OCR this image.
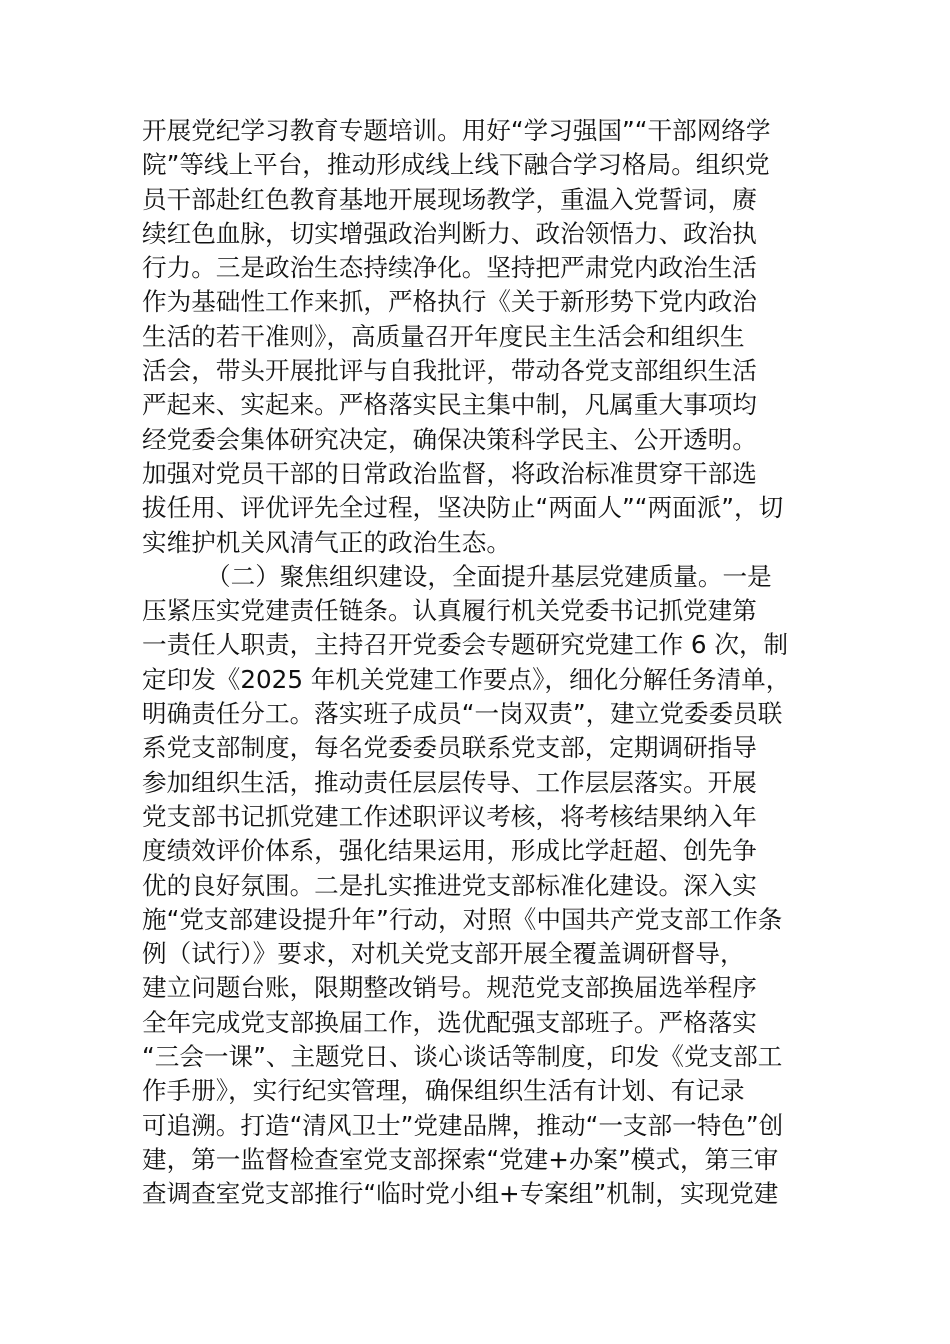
开展党纪学习教育专题培训。用好“学习强国”“干部网络学
院”等线上平台，推动形成线上线下融合学习格局。组织党
员干部赴红色教育基地开展现场教学，重温入党誓词，赓
续红色血脉，切实增强政治判断力、政治领悟力、政治执
行力。三是政治生态持续净化。坚持把严肃党内政治生活
作为基础性工作来抓，严格执行《关于新形势下党内政治
生活的若干准则》，高质量召开年度民主生活会和组织生
活会，带头开展批评与自我批评，带动各党支部组织生活
严起来、实起来。严格落实民主集中制，凡属重大事项均
经党委会集体研究决定，确保决策科学民主、公开透明。
加强对党员干部的日常政治监督，将政治标准贯穿干部选
拔任用、评优评先全过程，坚决防止“两面人”“两面派”，切
实维护机关风清气正的政治生态。
（二）聚焦组织建设，全面提升基层党建质量。一是
压紧压实党建责任链条。认真履行机关党委书记抓党建第
一责任人职责，主持召开党委会专题研究党建工作 6 次，制
定印发《2025 年机关党建工作要点》，细化分解任务清单，
明确责任分工。落实班子成员“一岗双责”，建立党委委员联
系党支部制度，每名党委委员联系党支部，定期调研指导
参加组织生活，推动责任层层传导、工作层层落实。开展
党支部书记抓党建工作述职评议考核，将考核结果纳入年
度绩效评价体系，强化结果运用，形成比学赶超、创先争
优的良好氛围。二是扎实推进党支部标准化建设。深入实
施“党支部建设提升年”行动，对照《中国共产党支部工作条
例（试行）》要求，对机关党支部开展全覆盖调研督导，
建立问题台账，限期整改销号。规范党支部换届选举程序
全年完成党支部换届工作，选优配强支部班子。严格落实
“三会一课”、主题党日、谈心谈话等制度，印发《党支部工
作手册》，实行纪实管理，确保组织生活有计划、有记录
可追溯。打造“清风卫士”党建品牌，推动“一支部一特色”创
建，第一监督检查室党支部探索“党建+办案”模式，第三审
查调查室党支部推行“临时党小组+专案组”机制，实现党建
